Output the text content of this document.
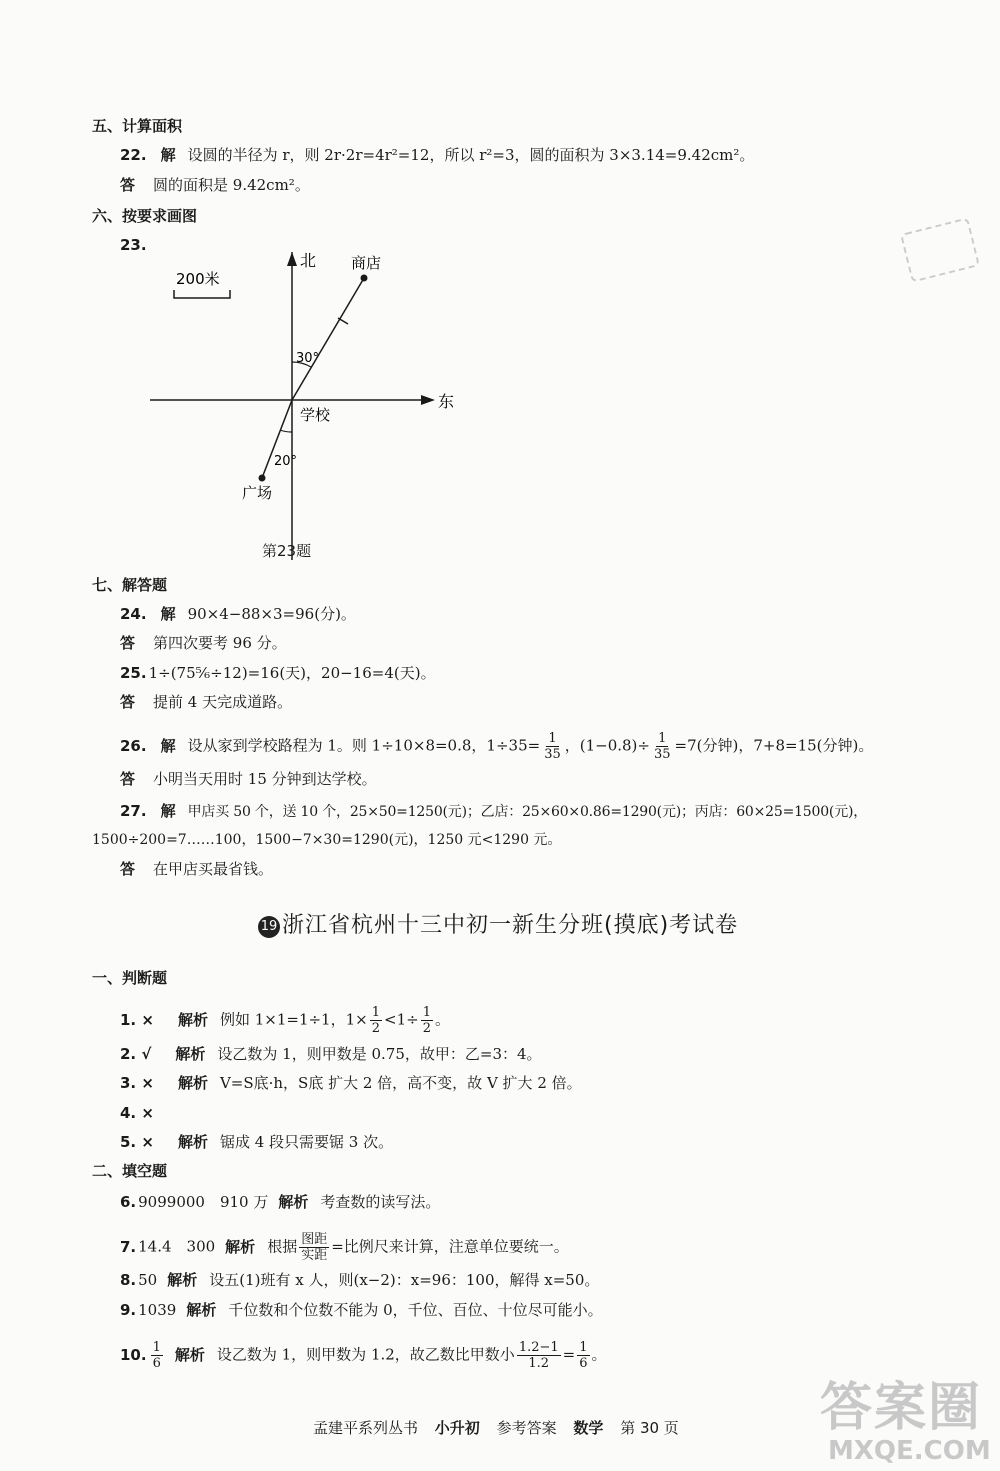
五、计算面积
22. 解 设圆的半径为 r，则 2r·2r=4r²=12，所以 r²=3，圆的面积为 3×3.14=9.42cm²。
答 圆的面积是 9.42cm²。
六、按要求画图
23.
200米
北
东
商店
30°
广场
20°
学校
第23题
七、解答题
24. 解 90×4−88×3=96(分)。
答 第四次要考 96 分。
25. 1÷(75⁵⁄₆÷12)=16(天)，20−16=4(天)。
答 提前 4 天完成道路。
26. 解 设从家到学校路程为 1。则 1÷10×8=0.8，$1\div 35= \frac{1}{35}$ ，$(1-0.8)\div \frac{1}{35} =7$(分钟)，7+8=15(分钟)。
答 小明当天用时 15 分钟到达学校。
27. 解 甲店买 50 个，送 10 个，25×50=1250(元)；乙店：25×60×0.86=1290(元)；丙店：60×25=1500(元)，
1500÷200=7……100，1500−7×30=1290(元)，1250 元<1290 元。
答 在甲店买最省钱。
19 浙江省杭州十三中初一新生分班(摸底)考试卷
一、判断题
1. × 解析 例如 1×1=1÷1，$1\times \frac{1}{2} <1\div \frac{1}{2}$ 。
2. √ 解析 设乙数为 1，则甲数是 0.75，故甲：乙=3：4。
3. × 解析 V=S底·h，S底 扩大 2 倍，高不变，故 V 扩大 2 倍。
4. ×
5. × 解析 锯成 4 段只需要锯 3 次。
二、填空题
6. 9099000　910 万 解析 考查数的读写法。
7. 14.4　300 解析 根据 $\frac{\text{图距}}{\text{实距}}$ =比例尺来计算，注意单位要统一。
8. 50 解析 设五(1)班有 x 人，则(x−2)：x=96：100，解得 x=50。
9. 1039 解析 千位数和个位数不能为 0，千位、百位、十位尽可能小。
10. $\frac{1}{6}$ 解析 设乙数为 1，则甲数为 1.2，故乙数比甲数小 $\frac{1.2-1}{1.2} = \frac{1}{6}$ 。
孟建平系列丛书 小升初 参考答案 数学 第 30 页	答案圈
MXQE.COM
